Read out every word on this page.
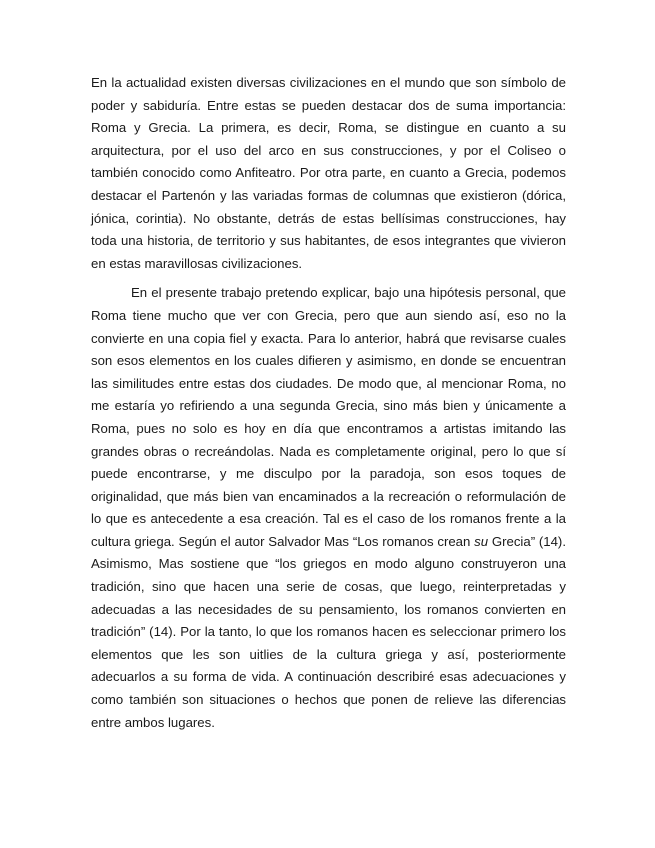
En la actualidad existen diversas civilizaciones en el mundo que son símbolo de poder y sabiduría. Entre estas se pueden destacar dos de suma importancia: Roma y Grecia. La primera, es decir, Roma, se distingue en cuanto a su arquitectura, por el uso del arco en sus construcciones, y por el Coliseo o también conocido como Anfiteatro. Por otra parte, en cuanto a Grecia, podemos destacar el Partenón y las variadas formas de columnas que existieron (dórica, jónica, corintia). No obstante, detrás de estas bellísimas construcciones, hay toda una historia, de territorio y sus habitantes, de esos integrantes que vivieron en estas maravillosas civilizaciones.

En el presente trabajo pretendo explicar, bajo una hipótesis personal, que Roma tiene mucho que ver con Grecia, pero que aun siendo así, eso no la convierte en una copia fiel y exacta. Para lo anterior, habrá que revisarse cuales son esos elementos en los cuales difieren y asimismo, en donde se encuentran las similitudes entre estas dos ciudades. De modo que, al mencionar Roma, no me estaría yo refiriendo a una segunda Grecia, sino más bien y únicamente a Roma, pues no solo es hoy en día que encontramos a artistas imitando las grandes obras o recreándolas. Nada es completamente original, pero lo que sí puede encontrarse, y me disculpo por la paradoja, son esos toques de originalidad, que más bien van encaminados a la recreación o reformulación de lo que es antecedente a esa creación. Tal es el caso de los romanos frente a la cultura griega. Según el autor Salvador Mas “Los romanos crean su Grecia” (14). Asimismo, Mas sostiene que “los griegos en modo alguno construyeron una tradición, sino que hacen una serie de cosas, que luego, reinterpretadas y adecuadas a las necesidades de su pensamiento, los romanos convierten en tradición” (14). Por la tanto, lo que los romanos hacen es seleccionar primero los elementos que les son uitlies de la cultura griega y así, posteriormente adecuarlos a su forma de vida. A continuación describiré esas adecuaciones y como también son situaciones o hechos que ponen de relieve las diferencias entre ambos lugares.
